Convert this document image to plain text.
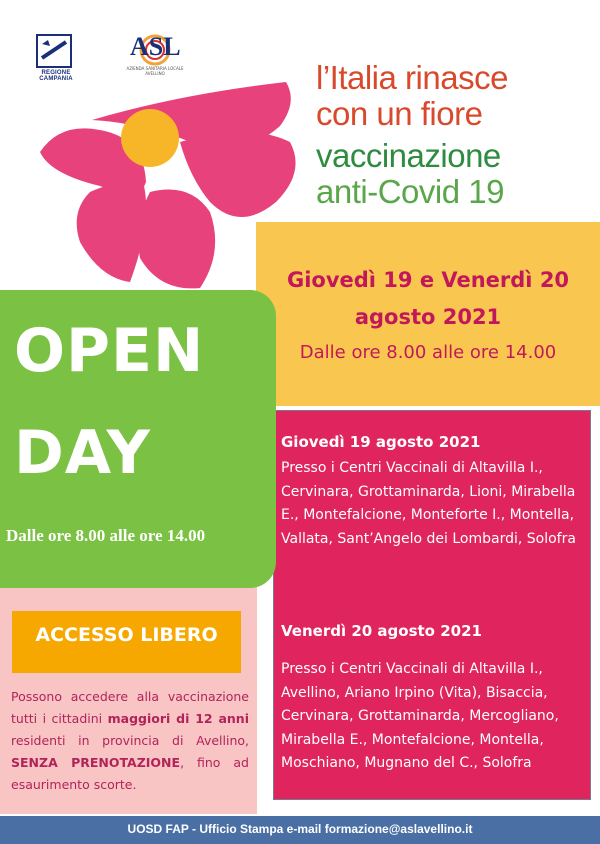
REGIONE CAMPANIA
ASL
AZIENDA SANITARIA LOCALE AVELLINO	l’Italia rinasce
con un fiore
vaccinazione
anti-Covid 19
Giovedì 19 e Venerdì 20
agosto 2021
Dalle ore 8.00 alle ore 14.00
Giovedì 19 agosto 2021
Presso i Centri Vaccinali di Altavilla I., Cervinara, Grottaminarda, Lioni, Mirabella E., Montefalcione, Monteforte I., Montella, Vallata, Sant’Angelo dei Lombardi, Solofra
Venerdì 20 agosto 2021
Presso i Centri Vaccinali di Altavilla I., Avellino, Ariano Irpino (Vita), Bisaccia, Cervinara, Grottaminarda, Mercogliano, Mirabella E., Montefalcione, Montella, Moschiano, Mugnano del C., Solofra
OPEN
DAY
Dalle ore 8.00 alle ore 14.00
ACCESSO LIBERO
Possono accedere alla vaccinazione tutti i cittadini maggiori di 12 anni residenti in provincia di Avellino, SENZA PRENOTAZIONE, fino ad esaurimento scorte.
UOSD FAP - Ufficio Stampa e-mail formazione@aslavellino.it
